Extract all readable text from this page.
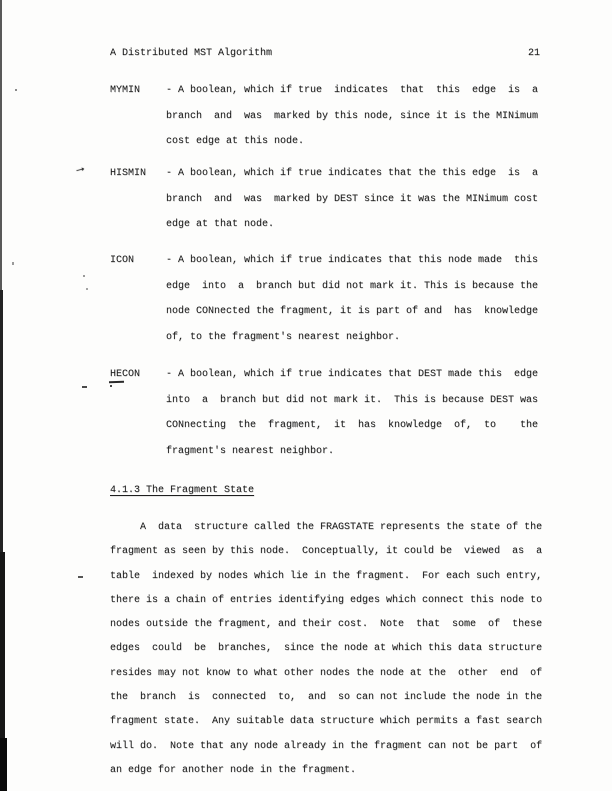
A Distributed MST Algorithm	21
→
MYMIN	- A boolean, which if true  indicates  that  this  edge  is  a
branch  and  was  marked by this node, since it is the MINimum
cost edge at this node.
HISMIN - A boolean, which if true indicates that the this edge  is  a
branch  and  was  marked by DEST since it was the MINimum cost
edge at that node.
ICON	- A boolean, which if true indicates that this node made  this
edge  into  a  branch but did not mark it. This is because the
node CONnected the fragment, it is part of and  has  knowledge
of, to the fragment's nearest neighbor.
HECON	- A boolean, which if true indicates that DEST made this  edge
into  a  branch but did not mark it.  This is because DEST was
CONnecting  the  fragment,  it  has  knowledge  of,  to    the
fragment's nearest neighbor.
4.1.3 The Fragment State
A  data  structure called the FRAGSTATE represents the state of the
fragment as seen by this node.  Conceptually, it could be  viewed  as  a
table  indexed by nodes which lie in the fragment.  For each such entry,
there is a chain of entries identifying edges which connect this node to
nodes outside the fragment, and their cost.  Note  that  some  of  these
edges  could  be  branches,  since the node at which this data structure
resides may not know to what other nodes the node at the  other  end  of
the  branch  is  connected  to,  and  so can not include the node in the
fragment state.  Any suitable data structure which permits a fast search
will do.  Note that any node already in the fragment can not be part  of
an edge for another node in the fragment.
